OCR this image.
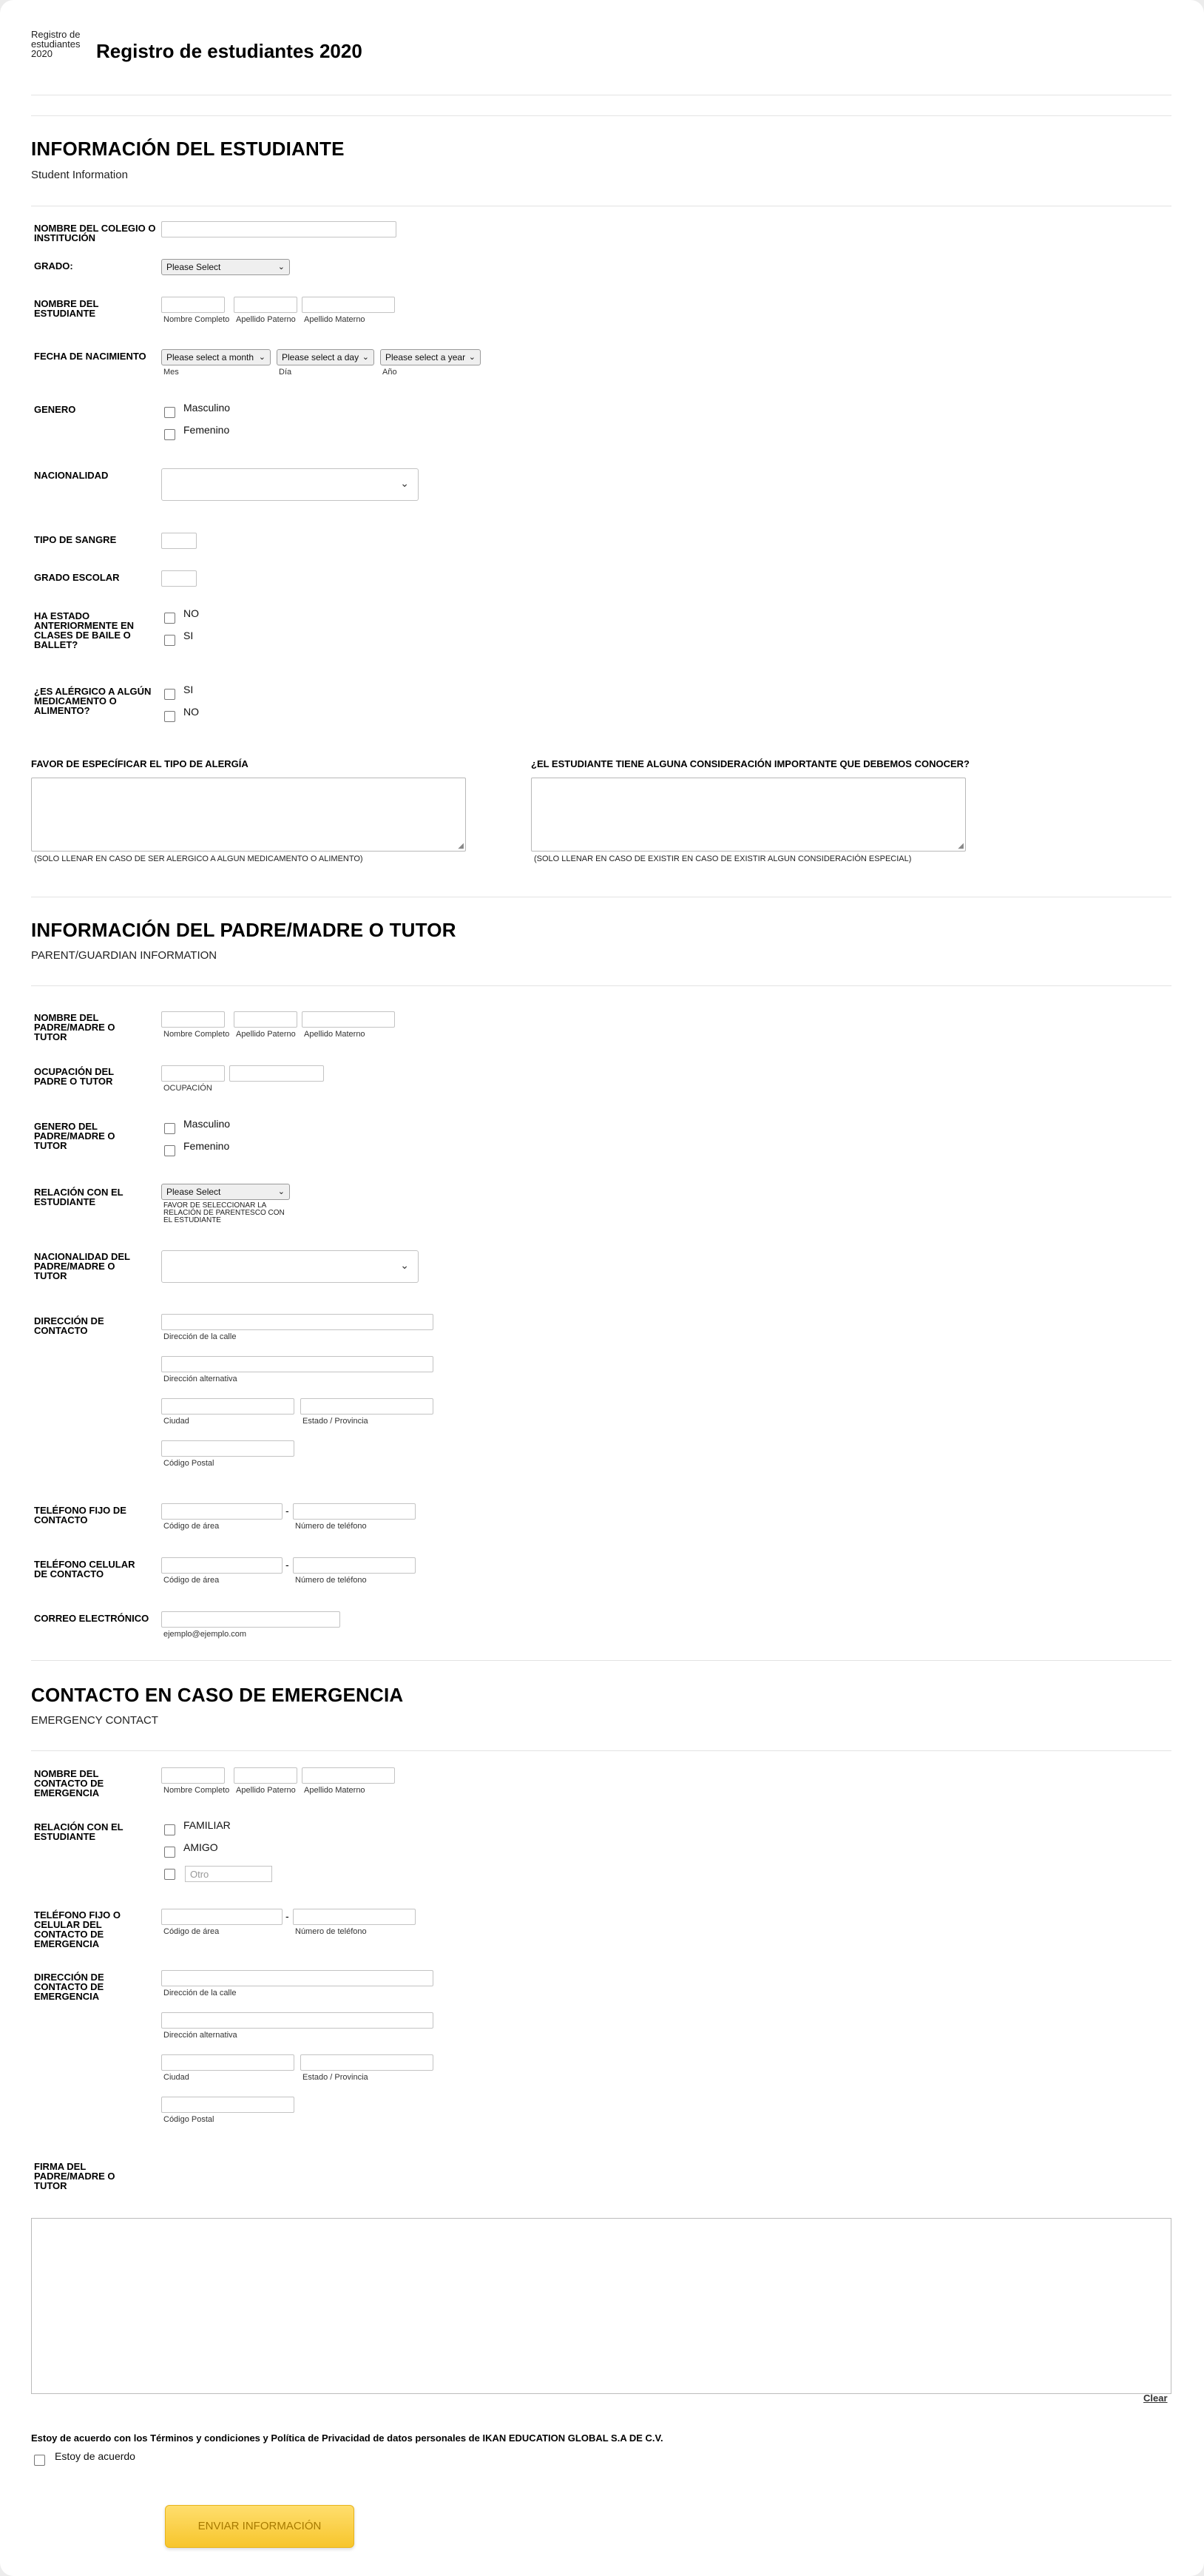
Registro de estudiantes 2020	Registro de estudiantes 2020
INFORMACIÓN DEL ESTUDIANTE
Student Information
NOMBRE DEL COLEGIO O INSTITUCIÓN
GRADO:	Please Select	⌄
NOMBRE DEL ESTUDIANTE
Nombre Completo Apellido Paterno Apellido Materno
FECHA DE NACIMIENTO	Please select a month ⌄	Please select a day ⌄	Please select a year ⌄
Mes	Día	Año
GENERO	Masculino
Femenino
NACIONALIDAD
⌄
TIPO DE SANGRE
GRADO ESCOLAR
HA ESTADO ANTERIORMENTE EN CLASES DE BAILE O BALLET?
NO
SI
¿ES ALÉRGICO A ALGÚN MEDICAMENTO O ALIMENTO?
SI
NO
FAVOR DE ESPECÍFICAR EL TIPO DE ALERGÍA
◢
(SOLO LLENAR EN CASO DE SER ALERGICO A ALGUN MEDICAMENTO O ALIMENTO)
¿EL ESTUDIANTE TIENE ALGUNA CONSIDERACIÓN IMPORTANTE QUE DEBEMOS CONOCER?
◢
(SOLO LLENAR EN CASO DE EXISTIR EN CASO DE EXISTIR ALGUN CONSIDERACIÓN ESPECIAL)
INFORMACIÓN DEL PADRE/MADRE O TUTOR
PARENT/GUARDIAN INFORMATION
NOMBRE DEL PADRE/MADRE O TUTOR	Nombre Completo Apellido Paterno Apellido Materno
OCUPACIÓN DEL PADRE O TUTOR
OCUPACIÓN
GENERO DEL PADRE/MADRE O TUTOR
Masculino
Femenino
RELACIÓN CON EL ESTUDIANTE
Please Select	⌄
FAVOR DE SELECCIONAR LA RELACIÓN DE PARENTESCO CON EL ESTUDIANTE
NACIONALIDAD DEL PADRE/MADRE O TUTOR
⌄
DIRECCIÓN DE CONTACTO
Dirección de la calle
Dirección alternativa
Ciudad	Estado / Provincia
Código Postal
TELÉFONO FIJO DE CONTACTO
-
Código de área	Número de teléfono
TELÉFONO CELULAR DE CONTACTO
-
Código de área	Número de teléfono
CORREO ELECTRÓNICO
ejemplo@ejemplo.com
CONTACTO EN CASO DE EMERGENCIA
EMERGENCY CONTACT
NOMBRE DEL CONTACTO DE EMERGENCIA	Nombre Completo Apellido Paterno Apellido Materno
RELACIÓN CON EL ESTUDIANTE
FAMILIAR
AMIGO
Otro
TELÉFONO FIJO O CELULAR DEL CONTACTO DE EMERGENCIA
-
Código de área	Número de teléfono
DIRECCIÓN DE CONTACTO DE EMERGENCIA	Dirección de la calle
Dirección alternativa
Ciudad	Estado / Provincia
Código Postal
FIRMA DEL PADRE/MADRE O TUTOR
Clear
Estoy de acuerdo con los Términos y condiciones y Política de Privacidad de datos personales de IKAN EDUCATION GLOBAL S.A DE C.V.
Estoy de acuerdo
ENVIAR INFORMACIÓN
